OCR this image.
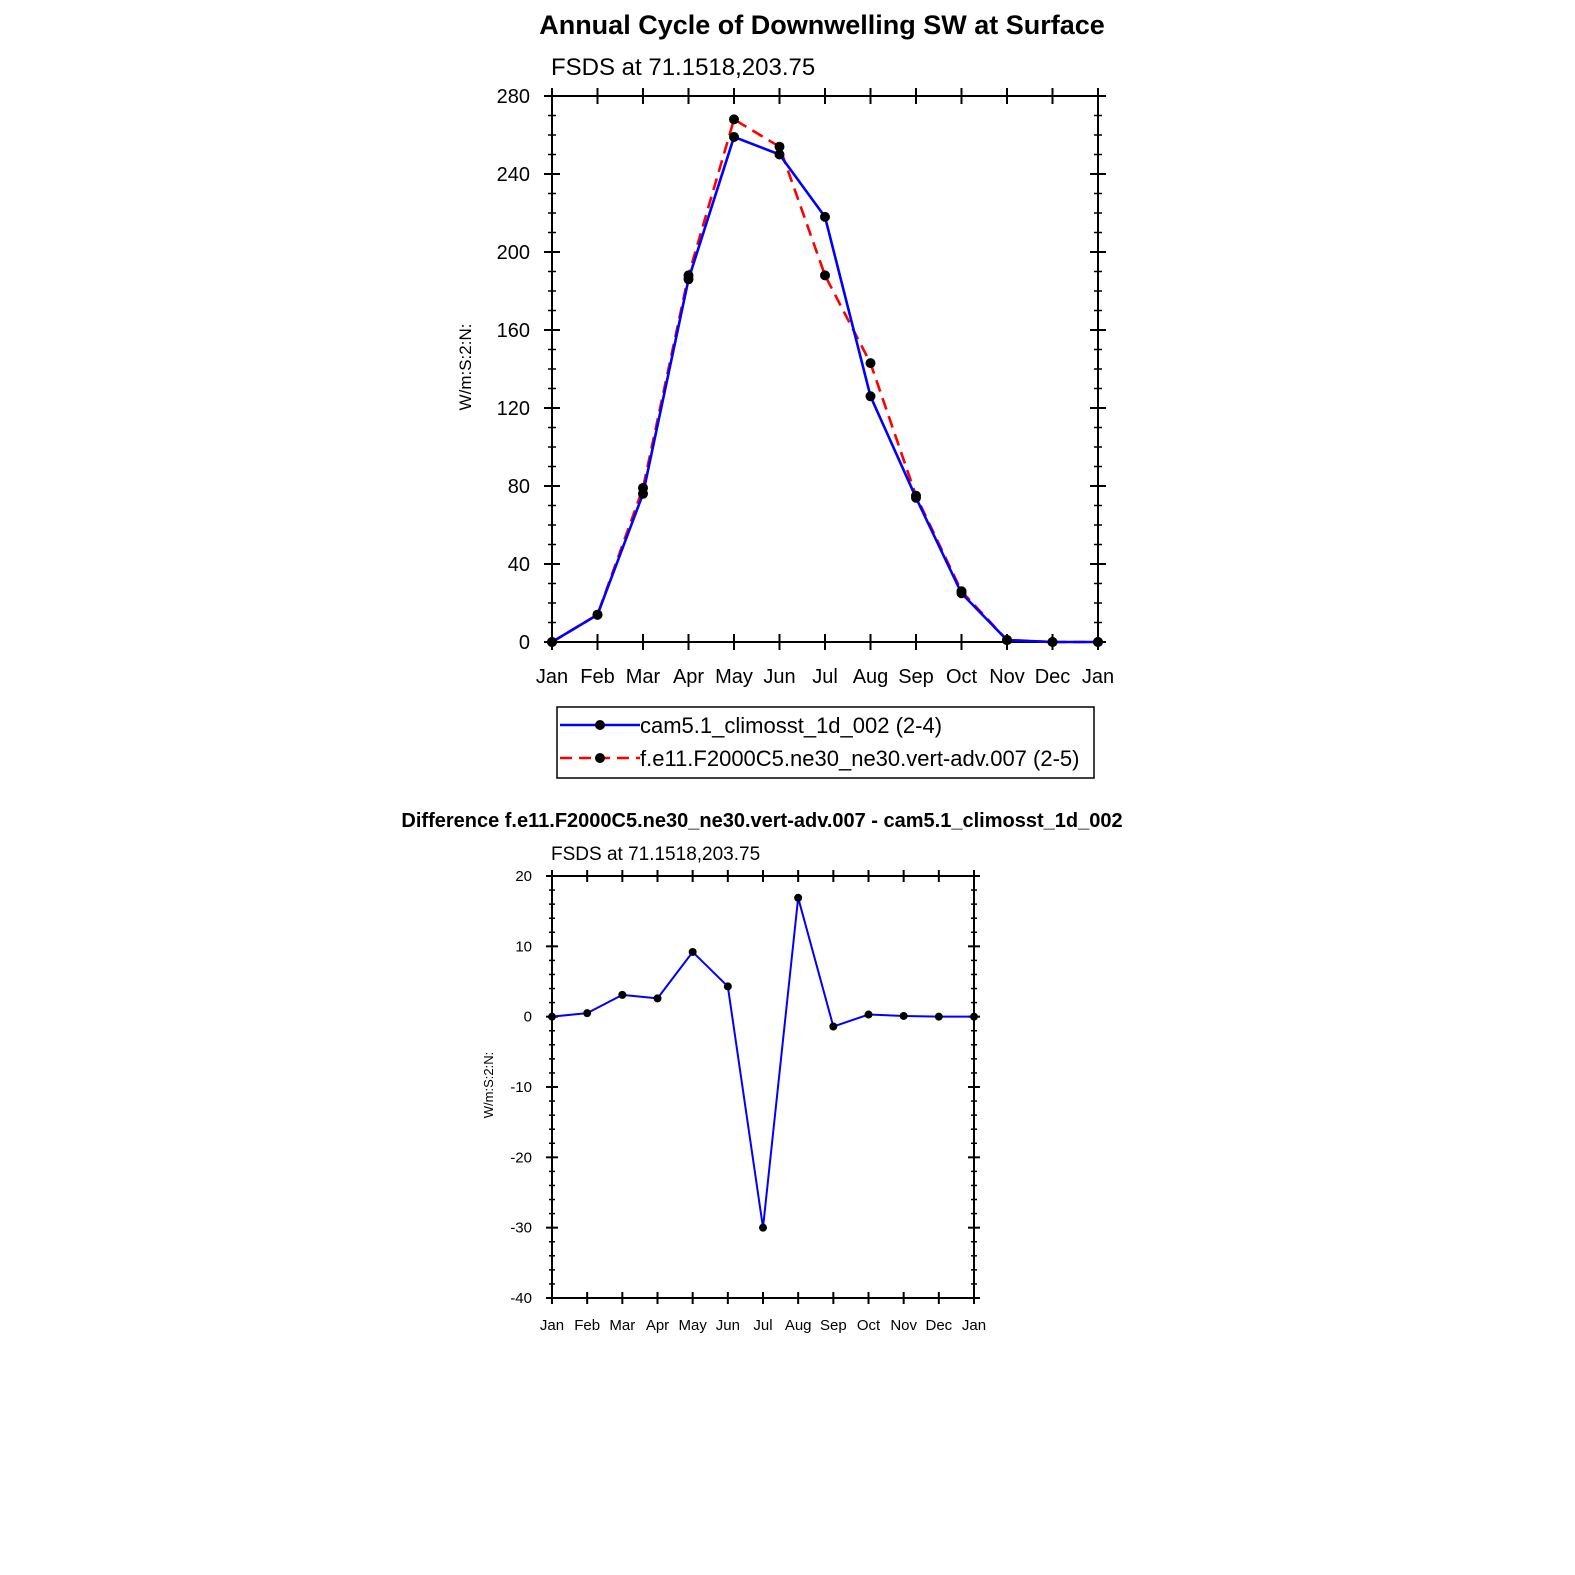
Annual Cycle of Downwelling SW at Surface
FSDS at 71.1518,203.75
W/m:S:2:N:
0
40
80
120
160
200
240
280
Jan Feb Mar Apr May Jun Jul Aug Sep Oct Nov Dec Jan
cam5.1_climosst_1d_002 (2-4)
f.e11.F2000C5.ne30_ne30.vert-adv.007 (2-5)
Difference f.e11.F2000C5.ne30_ne30.vert-adv.007 - cam5.1_climosst_1d_002
FSDS at 71.1518,203.75
W/m:S:2:N:
-40
-30
-20
-10
0
10
20
Jan Feb Mar Apr May Jun Jul Aug Sep Oct Nov Dec Jan
